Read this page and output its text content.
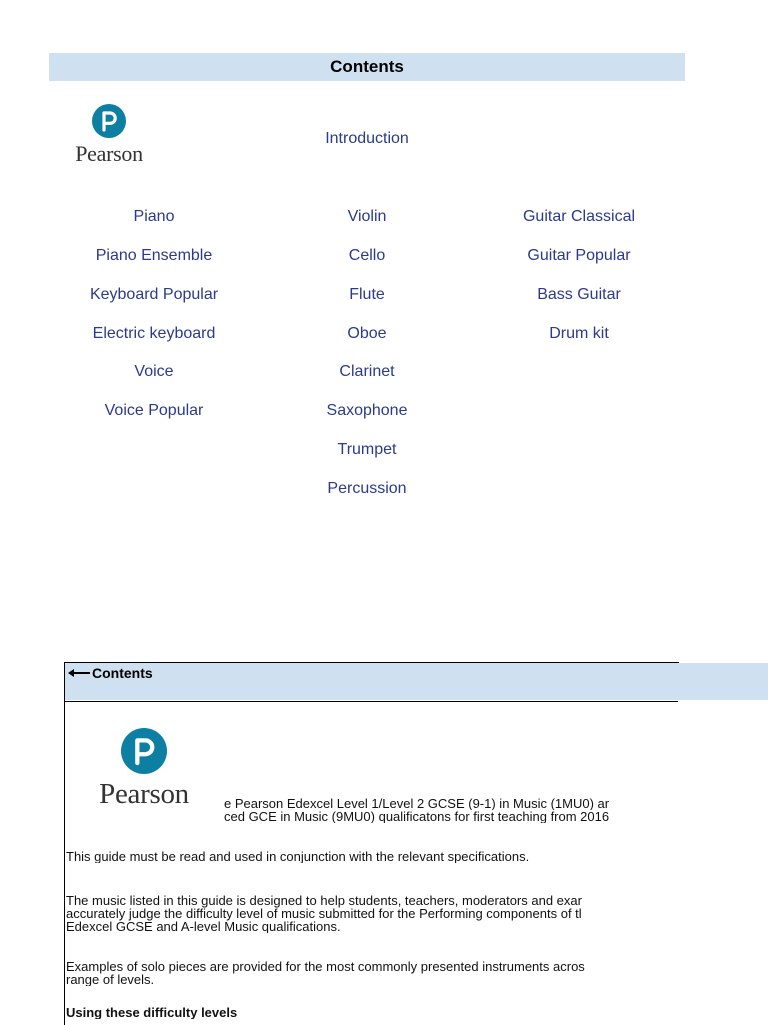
Contents
Pearson
Introduction
Piano
Piano Ensemble
Keyboard Popular
Electric keyboard
Voice
Voice Popular
Violin
Cello
Flute
Oboe
Clarinet
Saxophone
Trumpet
Percussion
Guitar Classical
Guitar Popular
Bass Guitar
Drum kit
Contents
Pearson	e Pearson Edexcel Level 1/Level 2 GCSE (9-1) in Music (1MU0) ar
ced GCE in Music (9MU0) qualificatons for first teaching from 2016
This guide must be read and used in conjunction with the relevant specifications.
The music listed in this guide is designed to help students, teachers, moderators and exar
accurately judge the difficulty level of music submitted for the Performing components of tl
Edexcel GCSE and A-level Music qualifications.
Examples of solo pieces are provided for the most commonly presented instruments acros
range of levels.
Using these difficulty levels
